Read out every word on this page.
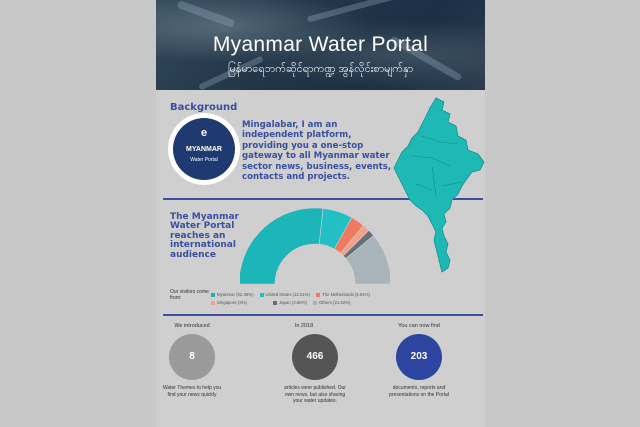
Myanmar Water Portal
မြန်မာရေဘက်ဆိုင်ရာကဏ္ဍ အွန်လိုင်းစာမျက်နှာ
Background
e
MYANMAR
Water Portal
Mingalabar, I am an independent platform, providing you a one-stop gateway to all Myanmar water sector news, business, events, contacts and projects.
The Myanmar Water Portal reaches an international audience
Our visitors come from:
Myanmar (52.45%)	United States (12.51%)	The Netherlands (5.81%)Singapore (3%)	Japan (2.86%)	Others (21.62%)
We introduced
8
Water Themes to help you find your news quickly
In 2018
466
articles were published. Our own news, but also sharing your water updates.
You can now find
203
documents, reports and presentations on the Portal
